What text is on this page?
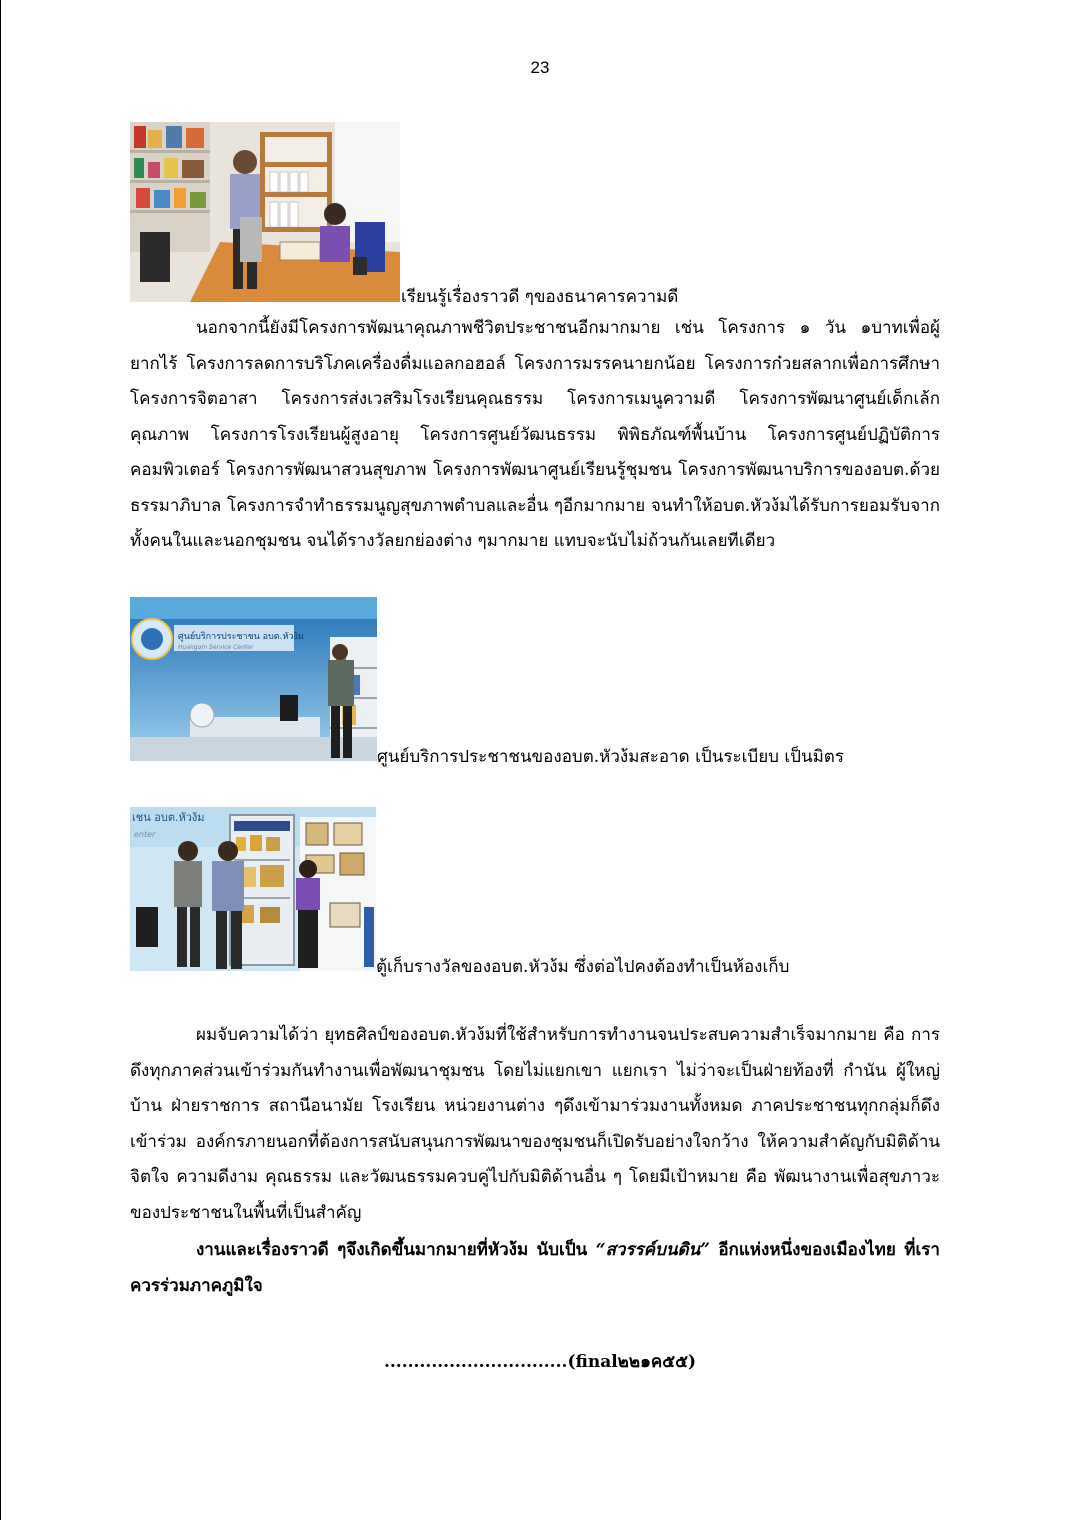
23
เรียนรู้เรื่องราวดี ๆของธนาคารความดี

นอกจากนี้ยังมีโครงการพัฒนาคุณภาพชีวิตประชาชนอีกมากมาย เช่น โครงการ ๑ วัน ๑บาทเพื่อผู้ยากไร้ โครงการลดการบริโภคเครื่องดื่มแอลกอฮอล์ โครงการมรรคนายกน้อย โครงการก๋วยสลากเพื่อการศึกษา โครงการจิตอาสา โครงการส่งเวสริมโรงเรียนคุณธรรม โครงการเมนูความดี โครงการพัฒนาศูนย์เด็กเล้กคุณภาพ โครงการโรงเรียนผู้สูงอายุ โครงการศูนย์วัฒนธรรม พิพิธภัณฑ์พื้นบ้าน โครงการศูนย์ปฏิบัติการคอมพิวเตอร์ โครงการพัฒนาสวนสุขภาพ โครงการพัฒนาศูนย์เรียนรู้ชุมชน โครงการพัฒนาบริการของอบต.ด้วยธรรมาภิบาล โครงการจำทำธรรมนูญสุขภาพตำบลและอื่น ๆอีกมากมาย จนทำให้อบต.หัวง้มได้รับการยอมรับจากทั้งคนในและนอกชุมชน จนได้รางวัลยกย่องต่าง ๆมากมาย แทบจะนับไม่ถ้วนกันเลยทีเดียว

ศูนย์บริการประชาชน อบต.หัวง้ม
Huangom Service Center
ศูนย์บริการประชาชนของอบต.หัวง้มสะอาด เป็นระเบียบ เป็นมิตร
เชน อบต.หัวง้ม
enter
ตู้เก็บรางวัลของอบต.หัวง้ม ซึ่งต่อไปคงต้องทำเป็นห้องเก็บ

ผมจับความได้ว่า ยุทธศิลป์ของอบต.หัวง้มที่ใช้สำหรับการทำงานจนประสบความสำเร็จมากมาย คือ การดึงทุกภาคส่วนเข้าร่วมกันทำงานเพื่อพัฒนาชุมชน โดยไม่แยกเขา แยกเรา ไม่ว่าจะเป็นฝ่ายท้องที่ กำนัน ผู้ใหญ่บ้าน ฝ่ายราชการ สถานีอนามัย โรงเรียน หน่วยงานต่าง ๆดึงเข้ามาร่วมงานทั้งหมด ภาคประชาชนทุกกลุ่มก็ดึงเข้าร่วม องค์กรภายนอกที่ต้องการสนับสนุนการพัฒนาของชุมชนก็เปิดรับอย่างใจกว้าง ให้ความสำคัญกับมิติด้านจิตใจ ความดีงาม คุณธรรม และวัฒนธรรมควบคู่ไปกับมิติด้านอื่น ๆ โดยมีเป้าหมาย คือ พัฒนางานเพื่อสุขภาวะของประชาชนในพื้นที่เป็นสำคัญ

งานและเรื่องราวดี ๆจึงเกิดขึ้นมากมายที่หัวง้ม นับเป็น “สวรรค์บนดิน” อีกแห่งหนึ่งของเมืองไทย ที่เราควรร่วมภาคภูมิใจ

...............................(final๒๒๑ค๕๕)
